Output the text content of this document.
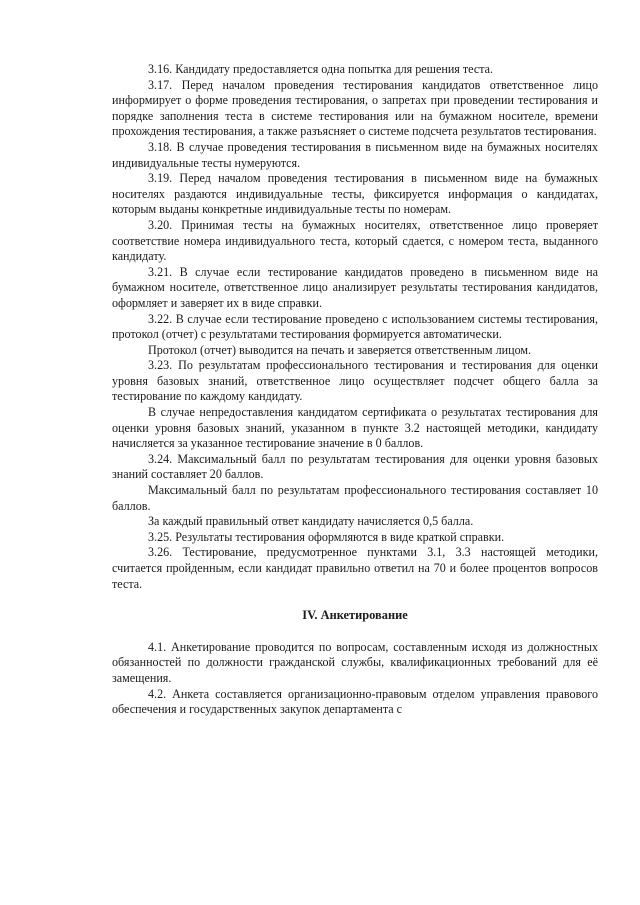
3.16. Кандидату предоставляется одна попытка для решения теста.

3.17. Перед началом проведения тестирования кандидатов ответственное лицо информирует о форме проведения тестирования, о запретах при проведении тестирования и порядке заполнения теста в системе тестирования или на бумажном носителе, времени прохождения тестирования, а также разъясняет о системе подсчета результатов тестирования.

3.18. В случае проведения тестирования в письменном виде на бумажных носителях индивидуальные тесты нумеруются.

3.19. Перед началом проведения тестирования в письменном виде на бумажных носителях раздаются индивидуальные тесты, фиксируется информация о кандидатах, которым выданы конкретные индивидуальные тесты по номерам.

3.20. Принимая тесты на бумажных носителях, ответственное лицо проверяет соответствие номера индивидуального теста, который сдается, с номером теста, выданного кандидату.

3.21. В случае если тестирование кандидатов проведено в письменном виде на бумажном носителе, ответственное лицо анализирует результаты тестирования кандидатов, оформляет и заверяет их в виде справки.

3.22. В случае если тестирование проведено с использованием системы тестирования, протокол (отчет) с результатами тестирования формируется автоматически.

Протокол (отчет) выводится на печать и заверяется ответственным лицом.

3.23. По результатам профессионального тестирования и тестирования для оценки уровня базовых знаний, ответственное лицо осуществляет подсчет общего балла за тестирование по каждому кандидату.

В случае непредоставления кандидатом сертификата о результатах тестирования для оценки уровня базовых знаний, указанном в пункте 3.2 настоящей методики, кандидату начисляется за указанное тестирование значение в 0 баллов.

3.24. Максимальный балл по результатам тестирования для оценки уровня базовых знаний составляет 20 баллов.

Максимальный балл по результатам профессионального тестирования составляет 10 баллов.

За каждый правильный ответ кандидату начисляется 0,5 балла.

3.25. Результаты тестирования оформляются в виде краткой справки.

3.26. Тестирование, предусмотренное пунктами 3.1, 3.3 настоящей методики, считается пройденным, если кандидат правильно ответил на 70 и более процентов вопросов теста.

IV. Анкетирование

4.1. Анкетирование проводится по вопросам, составленным исходя из должностных обязанностей по должности гражданской службы, квалификационных требований для её замещения.

4.2. Анкета составляется организационно-правовым отделом управления правового обеспечения и государственных закупок департамента с
